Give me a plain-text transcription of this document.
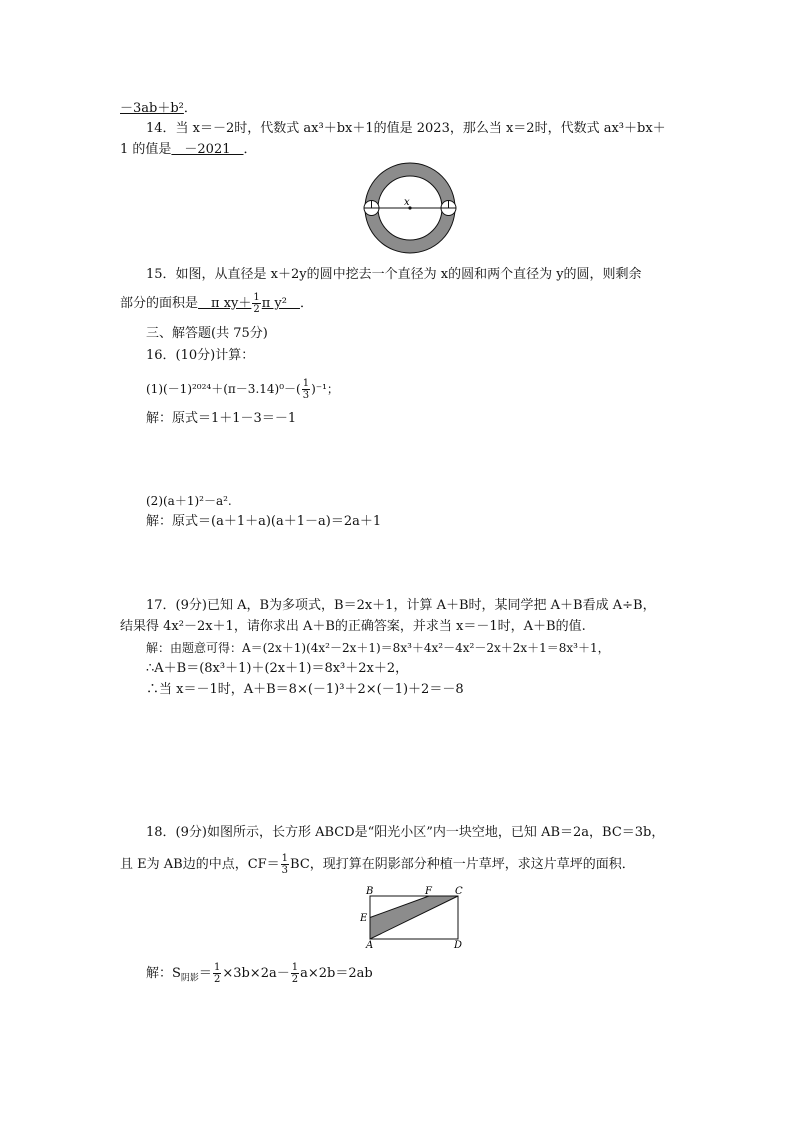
－3ab＋b²．
14．当 x＝－2时，代数式 ax³＋bx＋1的值是 2023，那么当 x＝2时，代数式 ax³＋bx＋
1 的值是　－2021　．
x
15．如图，从直径是 x＋2y的圆中挖去一个直径为 x的圆和两个直径为 y的圆，则剩余
部分的面积是　π $xy+ \frac{1}{2}$ π y²　．
三、解答题(共 75分)
16．(10分)计算：
$(1)(-1)^{2024}+(\pi-3.14)^0-( \frac{1}{3} )^{-1}$；
解：原式＝1＋1－3＝－1
(2)(a＋1)²－a².
解：原式＝(a＋1＋a)(a＋1－a)＝2a＋1
17．(9分)已知 A，B为多项式，B＝2x＋1，计算 A＋B时，某同学把 A＋B看成 A÷B，
结果得 4x²－2x＋1，请你求出 A＋B的正确答案，并求当 x＝－1时，A＋B的值.
解：由题意可得：A＝(2x＋1)(4x²－2x＋1)＝8x³＋4x²－4x²－2x＋2x＋1＝8x³＋1，
∴A＋B＝(8x³＋1)＋(2x＋1)＝8x³＋2x＋2，
∴当 x＝－1时，A＋B＝8×(－1)³＋2×(－1)＋2＝－8
18．(9分)如图所示，长方形 ABCD是“阳光小区”内一块空地，已知 AB＝2a，BC＝3b，
且 E为 AB边的中点，$CF= \frac{1}{3}$ BC，现打算在阴影部分种植一片草坪，求这片草坪的面积．
B	F C
E
A	D
解：$S_{阴影}= \frac{1}{2} \times 3b\times 2a- \frac{1}{2} a\times 2b=2ab$
